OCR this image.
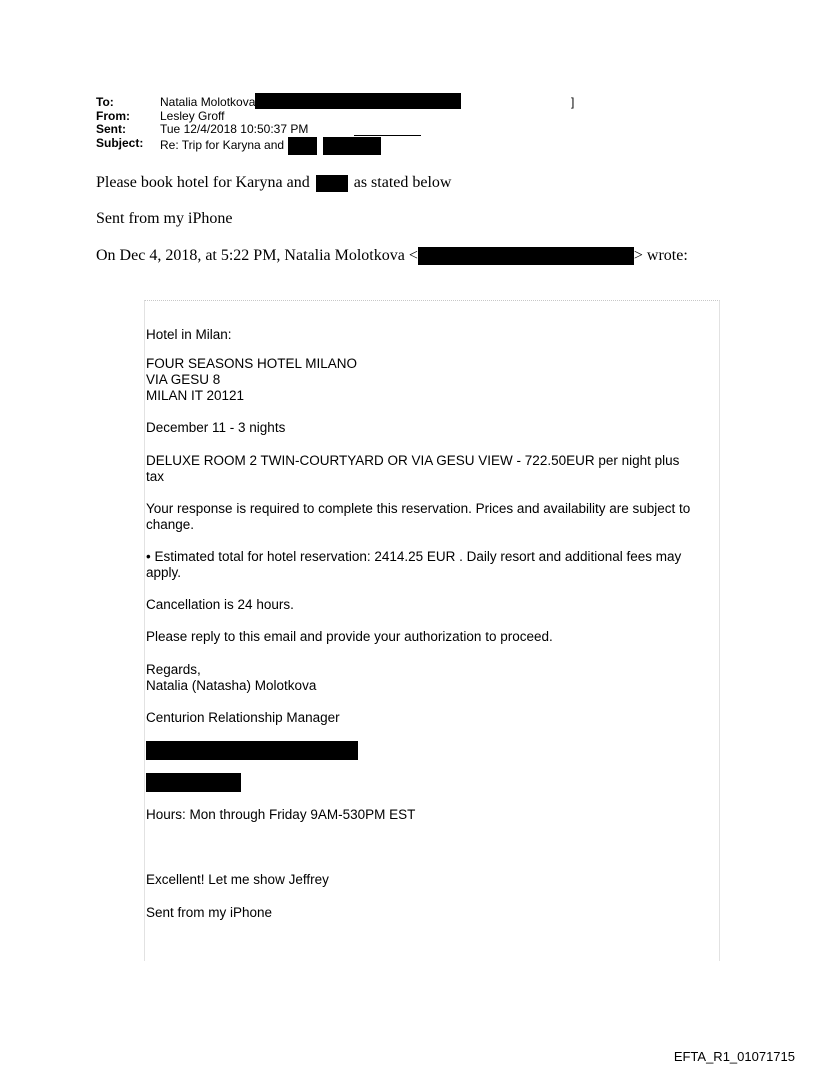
To:	Natalia Molotkova	]
From:	Lesley Groff
Sent:	Tue 12/4/2018 10:50:37 PM
Subject: Re: Trip for Karyna and
Please book hotel for Karyna and	as stated below
Sent from my iPhone
On Dec 4, 2018, at 5:22 PM, Natalia Molotkova <	> wrote:
Hotel in Milan:
FOUR SEASONS HOTEL MILANO
VIA GESU 8
MILAN IT 20121
December 11 - 3 nights
DELUXE ROOM 2 TWIN-COURTYARD OR VIA GESU VIEW - 722.50EUR per night plus
tax
Your response is required to complete this reservation. Prices and availability are subject to
change.
• Estimated total for hotel reservation: 2414.25 EUR . Daily resort and additional fees may
apply.
Cancellation is 24 hours.
Please reply to this email and provide your authorization to proceed.
Regards,
Natalia (Natasha) Molotkova
Centurion Relationship Manager
Hours: Mon through Friday 9AM-530PM EST
Excellent! Let me show Jeffrey
Sent from my iPhone
EFTA_R1_01071715
